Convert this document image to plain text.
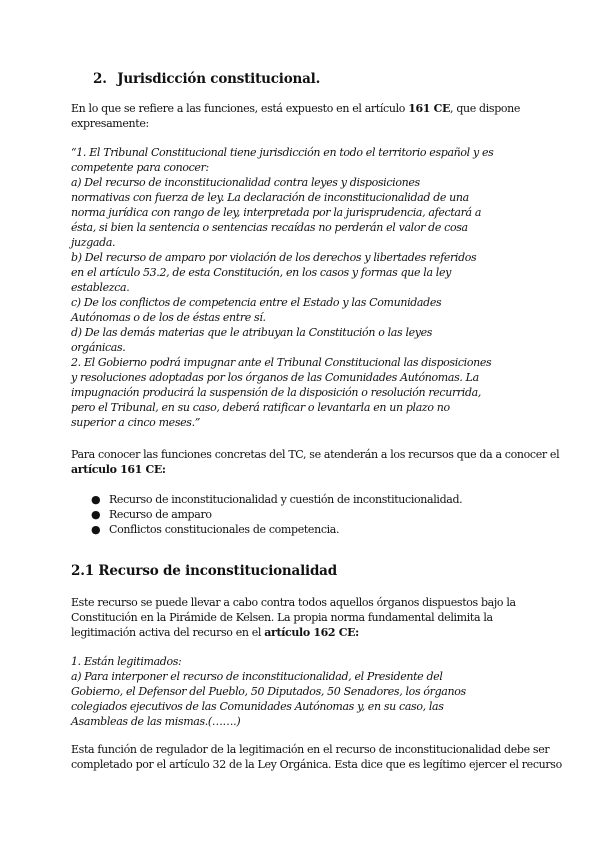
2. Jurisdicción constitucional.
En lo que se refiere a las funciones, está expuesto en el artículo 161 CE, que dispone
expresamente:
“1. El Tribunal Constitucional tiene jurisdicción en todo el territorio español y es
competente para conocer:
a) Del recurso de inconstitucionalidad contra leyes y disposiciones
normativas con fuerza de ley. La declaración de inconstitucionalidad de una
norma jurídica con rango de ley, interpretada por la jurisprudencia, afectará a
ésta, si bien la sentencia o sentencias recaídas no perderán el valor de cosa
juzgada.
b) Del recurso de amparo por violación de los derechos y libertades referidos
en el artículo 53.2, de esta Constitución, en los casos y formas que la ley
establezca.
c) De los conflictos de competencia entre el Estado y las Comunidades
Autónomas o de los de éstas entre sí.
d) De las demás materias que le atribuyan la Constitución o las leyes
orgánicas.
2. El Gobierno podrá impugnar ante el Tribunal Constitucional las disposiciones
y resoluciones adoptadas por los órganos de las Comunidades Autónomas. La
impugnación producirá la suspensión de la disposición o resolución recurrida,
pero el Tribunal, en su caso, deberá ratificar o levantarla en un plazo no
superior a cinco meses.”
Para conocer las funciones concretas del TC, se atenderán a los recursos que da a conocer el
artículo 161 CE:
● Recurso de inconstitucionalidad y cuestión de inconstitucionalidad.
● Recurso de amparo
● Conflictos constitucionales de competencia.
2.1 Recurso de inconstitucionalidad
Este recurso se puede llevar a cabo contra todos aquellos órganos dispuestos bajo la
Constitución en la Pirámide de Kelsen. La propia norma fundamental delimita la
legitimación activa del recurso en el artículo 162 CE:
1. Están legitimados:
a) Para interponer el recurso de inconstitucionalidad, el Presidente del
Gobierno, el Defensor del Pueblo, 50 Diputados, 50 Senadores, los órganos
colegiados ejecutivos de las Comunidades Autónomas y, en su caso, las
Asambleas de las mismas.(…….)
Esta función de regulador de la legitimación en el recurso de inconstitucionalidad debe ser
completado por el artículo 32 de la Ley Orgánica. Esta dice que es legítimo ejercer el recurso
